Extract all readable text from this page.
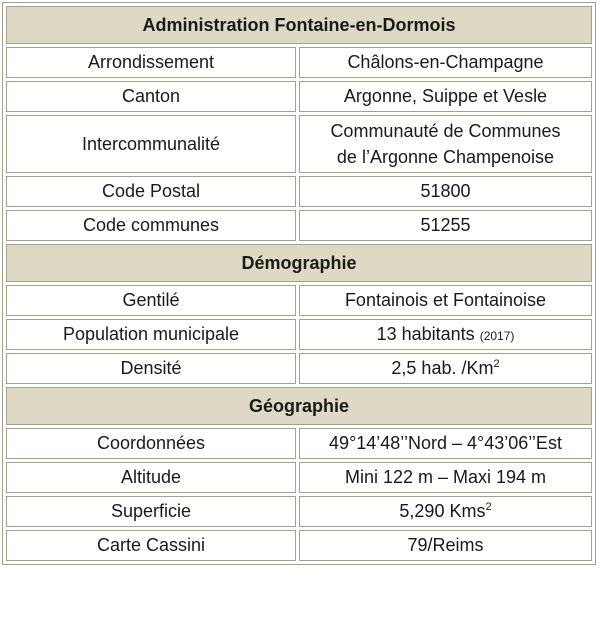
Administration Fontaine-en-Dormois	
Arrondissement	Châlons-en-Champagne
Canton	Argonne, Suippe et Vesle
Intercommunalité	Communauté de Communes
de l’Argonne Champenoise
Code Postal	51800
Code communes	51255
Démographie	
Gentilé	Fontainois et Fontainoise
Population municipale	13 habitants (2017)
Densité	2,5 hab. /Km$^2$
Géographie	
Coordonnées	49°14’48’’Nord – 4°43’06’’Est
Altitude	Mini 122 m – Maxi 194 m
Superficie	5,290 Kms$^2$
Carte Cassini	79/Reims
